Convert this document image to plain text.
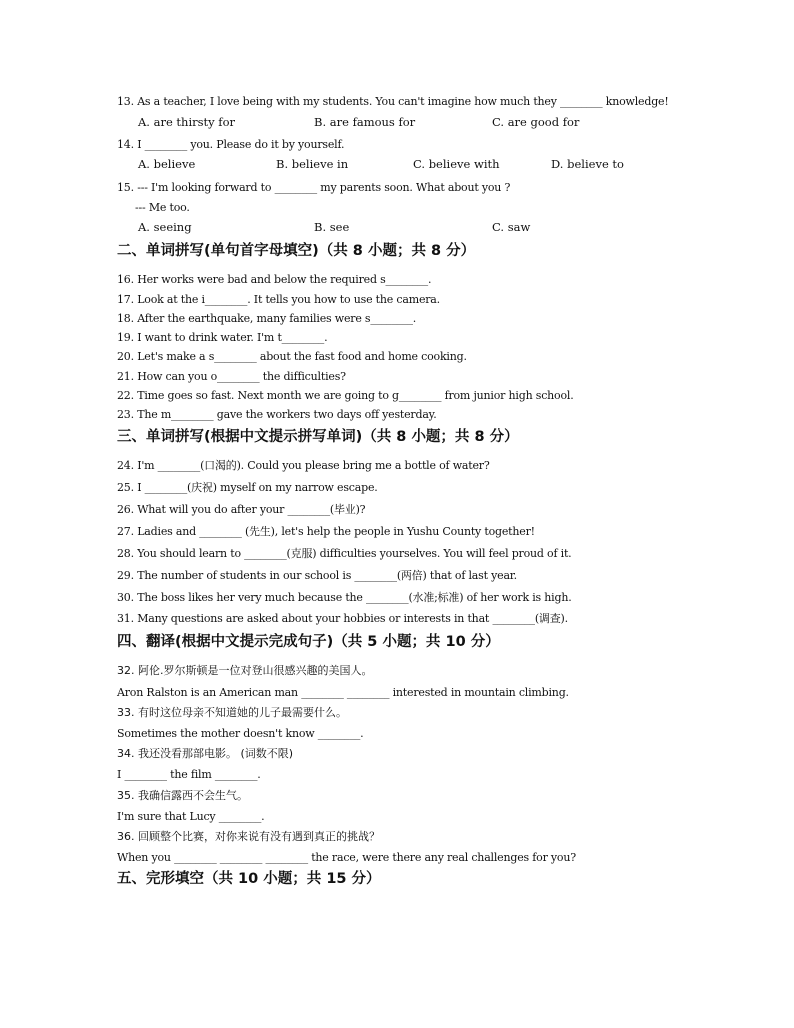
13. As a teacher, I love being with my students. You can't imagine how much they ________ knowledge!
A. are thirsty for	B. are famous for	C. are good for
14. I ________ you. Please do it by yourself.
A. believe	B. believe in	C. believe with	D. believe to
15. --- I'm looking forward to ________ my parents soon. What about you ?
--- Me too.
A. seeing	B. see	C. saw
二、单词拼写(单句首字母填空)（共 8 小题；共 8 分）
16. Her works were bad and below the required s________.
17. Look at the i________. It tells you how to use the camera.
18. After the earthquake, many families were s________.
19. I want to drink water. I'm t________.
20. Let's make a s________ about the fast food and home cooking.
21. How can you o________ the difficulties?
22. Time goes so fast. Next month we are going to g________ from junior high school.
23. The m________ gave the workers two days off yesterday.
三、单词拼写(根据中文提示拼写单词)（共 8 小题；共 8 分）
24. I'm ________(口渴的). Could you please bring me a bottle of water?
25. I ________(庆祝) myself on my narrow escape.
26. What will you do after your ________(毕业)?
27. Ladies and ________ (先生), let's help the people in Yushu County together!
28. You should learn to ________(克服) difficulties yourselves. You will feel proud of it.
29. The number of students in our school is ________(两倍) that of last year.
30. The boss likes her very much because the ________(水准;标准) of her work is high.
31. Many questions are asked about your hobbies or interests in that ________(调查).
四、翻译(根据中文提示完成句子)（共 5 小题；共 10 分）
32. 阿伦.罗尔斯顿是一位对登山很感兴趣的美国人。
Aron Ralston is an American man ________ ________ interested in mountain climbing.
33. 有时这位母亲不知道她的儿子最需要什么。
Sometimes the mother doesn't know ________.
34. 我还没看那部电影。 (词数不限)
I ________ the film ________.
35. 我确信露西不会生气。
I'm sure that Lucy ________.
36. 回顾整个比赛，对你来说有没有遇到真正的挑战？
When you ________ ________ ________ the race, were there any real challenges for you?
五、完形填空（共 10 小题；共 15 分）
